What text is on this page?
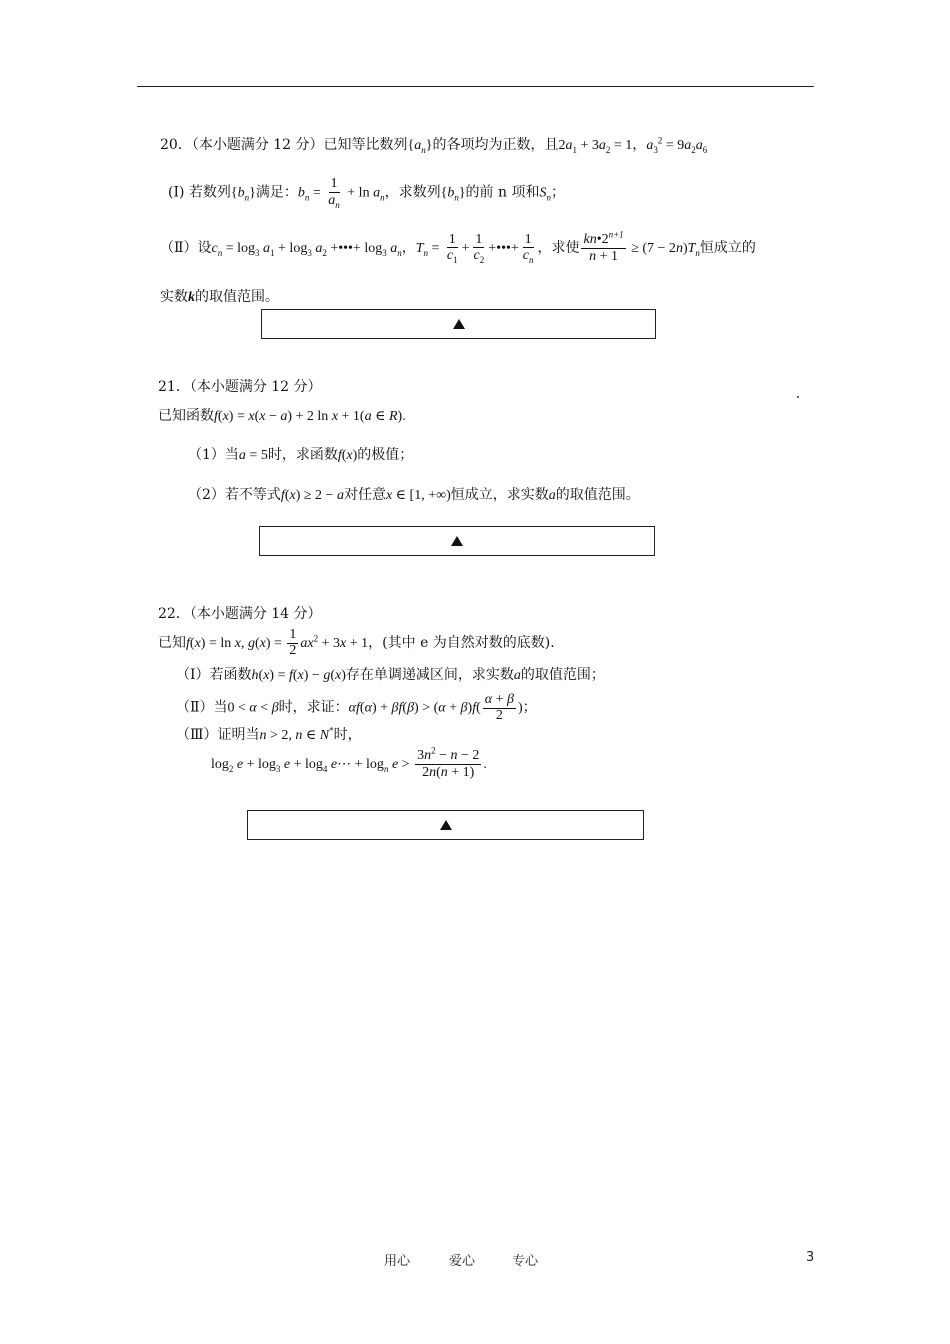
20．（本小题满分 12 分）已知等比数列$\{a_n\}$的各项均为正数，且$2a_1 + 3a_2 = 1$，$a_3^2 = 9a_2a_6$
(I) 若数列$\{b_n\}$满足：$b_n = \frac{1}{a_n} + \ln a_n$，求数列$\{b_n\}$的前 n 项和$S_n$；
（Ⅱ）设$c_n = \log_3 a_1 + \log_3 a_2$ +•••+ $\log_3 a_n$，$T_n = \frac{1}{c_1} + \frac{1}{c_2}$ +•••+ $\frac{1}{c_n}$ ，求使 $\frac{kn•2^{n+1}}{n + 1} \ge (7 - 2n)T_n$恒成立的
实数k的取值范围。
21．（本小题满分 12 分）
已知函数f(x) = x(x − a) + 2 ln x + 1(a ∈ R).
（1）当a = 5时，求函数f(x)的极值；
（2）若不等式f(x) ≥ 2 − a对任意x ∈ [1, +∞)恒成立，求实数a的取值范围。
22．（本小题满分 14 分）
已知f(x) = ln x, $g(x) = \frac{1}{2} ax^2 + 3x + 1$，(其中 e 为自然对数的底数).
（Ⅰ）若函数h(x) = f(x) − g(x)存在单调递减区间，求实数a的取值范围；
（Ⅱ）当0 < α < β时，求证：$\alpha f(\alpha) + \beta f(\beta) > (\alpha + \beta)f( \frac{\alpha + \beta}{2}$ )；
（Ⅲ）证明当n > 2, n ∈ N*时，
$\log_2 e + \log_3 e + \log_4$ e⋯ + $\log_n e > \frac{3n^2 - n - 2}{2n(n + 1)}$ .
用心	爱心	专心	3
